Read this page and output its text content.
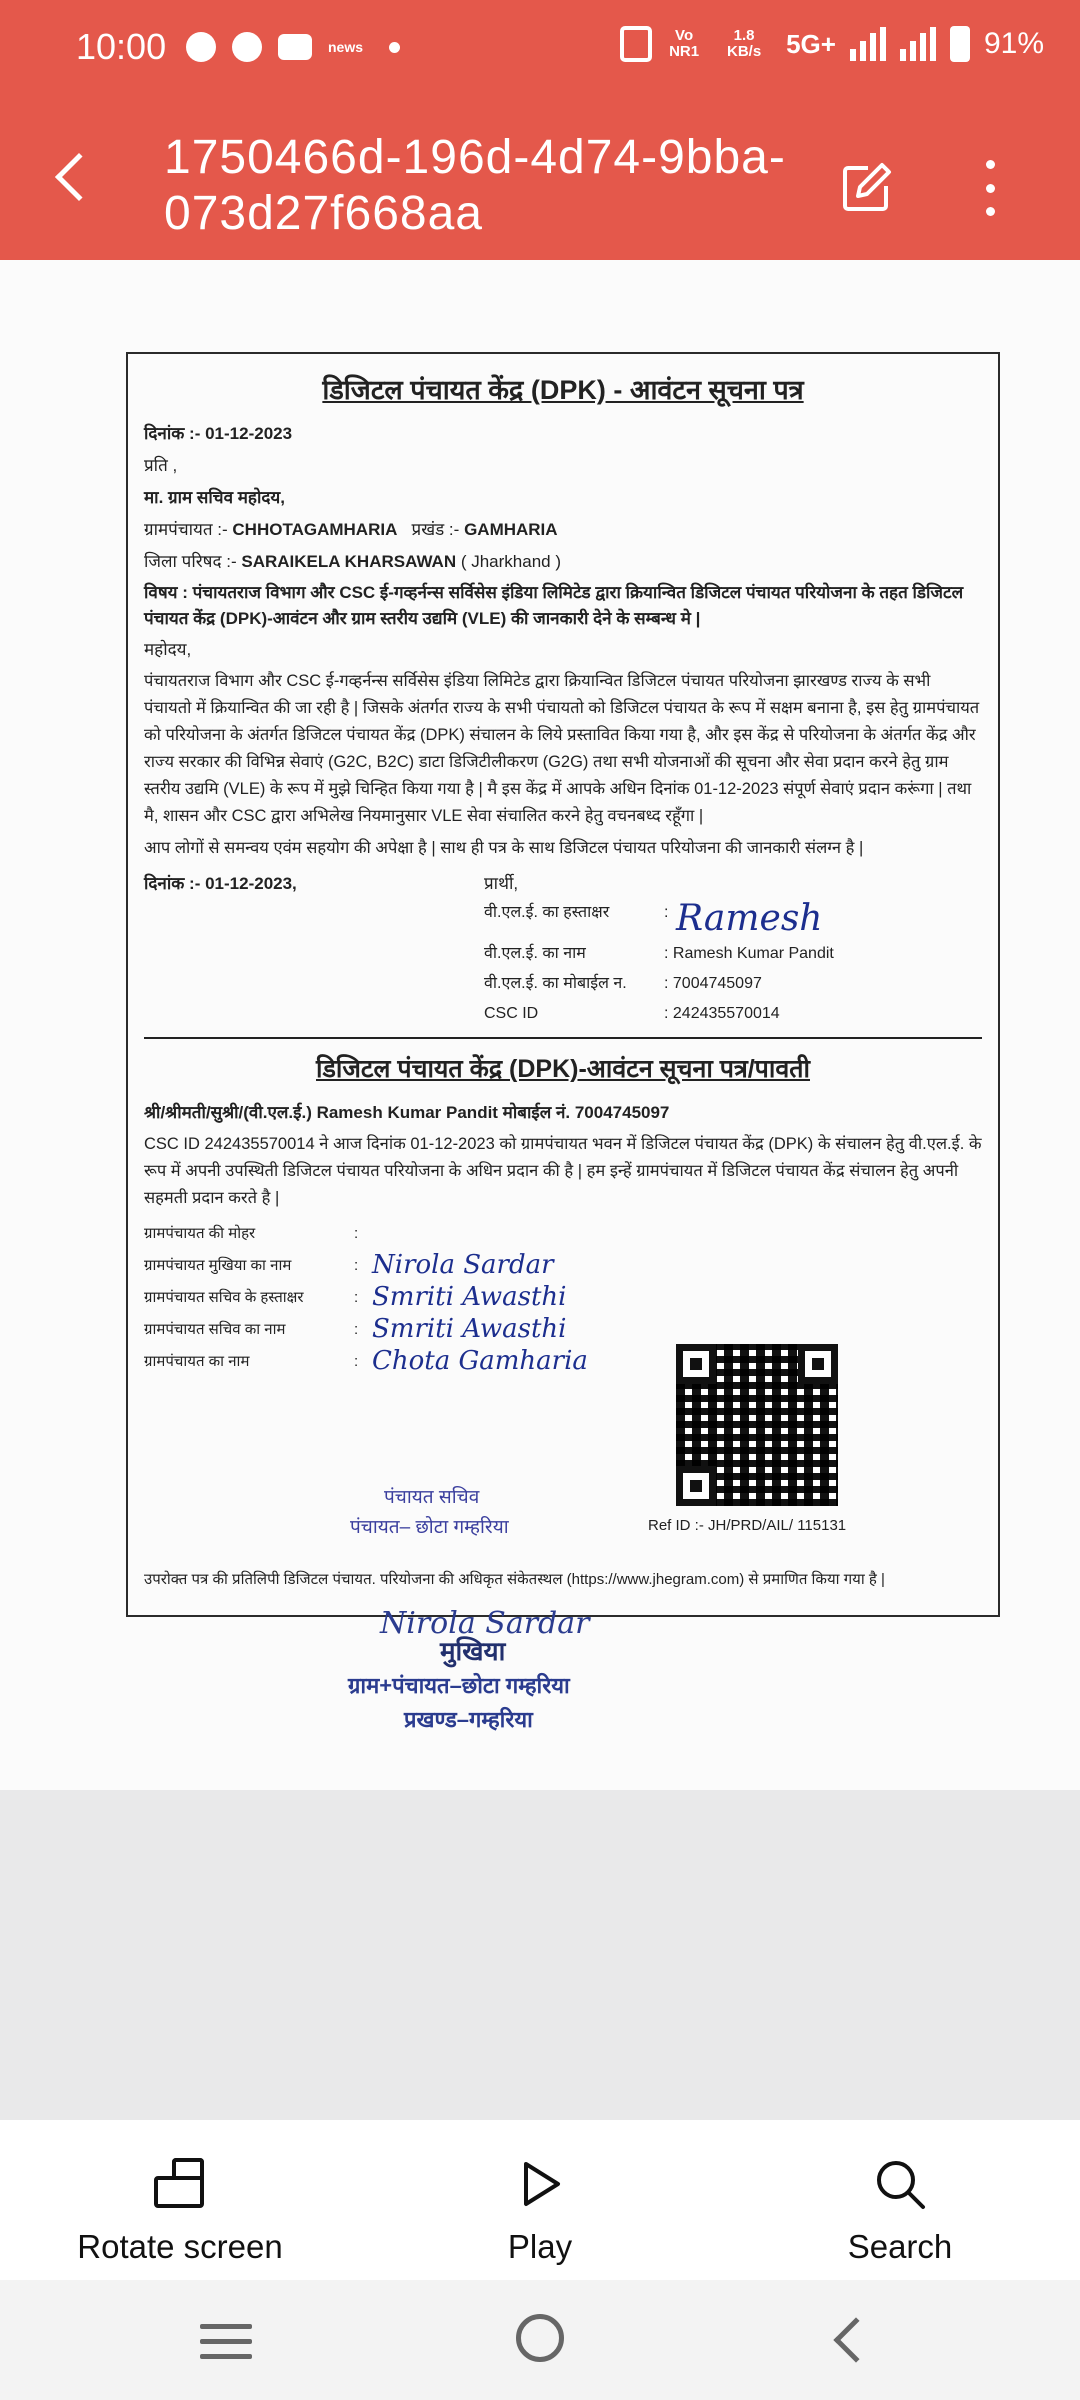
10:00	news
Vo NR1
1.8 KB/s 5G+	91%
1750466d-196d-4d74-9bba-073d27f668aa
डिजिटल पंचायत केंद्र (DPK) - आवंटन सूचना पत्र

दिनांक :- 01-12-2023

प्रति ,

मा. ग्राम सचिव महोदय,

ग्रामपंचायत :- CHHOTAGAMHARIA प्रखंड :- GAMHARIA

जिला परिषद :- SARAIKELA KHARSAWAN ( Jharkhand )

विषय : पंचायतराज विभाग और CSC ई-गव्हर्नन्स सर्विसेस इंडिया लिमिटेड द्वारा क्रियान्वित डिजिटल पंचायत परियोजना के तहत डिजिटल पंचायत केंद्र (DPK)-आवंटन और ग्राम स्तरीय उद्यमि (VLE) की जानकारी देने के सम्बन्ध मे |

महोदय,

पंचायतराज विभाग और CSC ई-गव्हर्नन्स सर्विसेस इंडिया लिमिटेड द्वारा क्रियान्वित डिजिटल पंचायत परियोजना झारखण्ड राज्य के सभी पंचायतो में क्रियान्वित की जा रही है | जिसके अंतर्गत राज्य के सभी पंचायतो को डिजिटल पंचायत के रूप में सक्षम बनाना है, इस हेतु ग्रामपंचायत को परियोजना के अंतर्गत डिजिटल पंचायत केंद्र (DPK) संचालन के लिये प्रस्तावित किया गया है, और इस केंद्र से परियोजना के अंतर्गत केंद्र और राज्य सरकार की विभिन्न सेवाएं (G2C, B2C) डाटा डिजिटीलीकरण (G2G) तथा सभी योजनाओं की सूचना और सेवा प्रदान करने हेतु ग्राम स्तरीय उद्यमि (VLE) के रूप में मुझे चिन्हित किया गया है | मै इस केंद्र में आपके अधिन दिनांक 01-12-2023 संपूर्ण सेवाएं प्रदान करूंगा | तथा मै, शासन और CSC द्वारा अभिलेख नियमानुसार VLE सेवा संचालित करने हेतु वचनबध्द रहूँगा |

आप लोगों से समन्वय एवंम सहयोग की अपेक्षा है | साथ ही पत्र के साथ डिजिटल पंचायत परियोजना की जानकारी संलग्न है |

दिनांक :- 01-12-2023,	प्रार्थी,
वी.एल.ई. का हस्ताक्षर	: Ramesh
वी.एल.ई. का नाम	: Ramesh Kumar Pandit
वी.एल.ई. का मोबाईल न.	: 7004745097
CSC ID	: 242435570014
डिजिटल पंचायत केंद्र (DPK)-आवंटन सूचना पत्र/पावती

श्री/श्रीमती/सुश्री/(वी.एल.ई.) Ramesh Kumar Pandit मोबाईल नं. 7004745097

CSC ID 242435570014 ने आज दिनांक 01-12-2023 को ग्रामपंचायत भवन में डिजिटल पंचायत केंद्र (DPK) के संचालन हेतु वी.एल.ई. के रूप में अपनी उपस्थिती डिजिटल पंचायत परियोजना के अधिन प्रदान की है | हम इन्हें ग्रामपंचायत में डिजिटल पंचायत केंद्र संचालन हेतु अपनी सहमती प्रदान करते है |

ग्रामपंचायत की मोहर	:
ग्रामपंचायत मुखिया का नाम	: Nirola Sardar
ग्रामपंचायत सचिव के हस्ताक्षर	: Smriti Awasthi
ग्रामपंचायत सचिव का नाम	: Smriti Awasthi
ग्रामपंचायत का नाम	: Chota Gamharia
पंचायत सचिव
पंचायत– छोटा गम्हरिया	Ref ID :- JH/PRD/AIL/ 115131
उपरोक्त पत्र की प्रतिलिपी डिजिटल पंचायत. परियोजना की अधिकृत संकेतस्थल (https://www.jhegram.com) से प्रमाणित किया गया है |
Nirola Sardar
मुखिया
ग्राम+पंचायत–छोटा गम्हरिया
प्रखण्ड–गम्हरिया
Rotate screen	Play	Search
